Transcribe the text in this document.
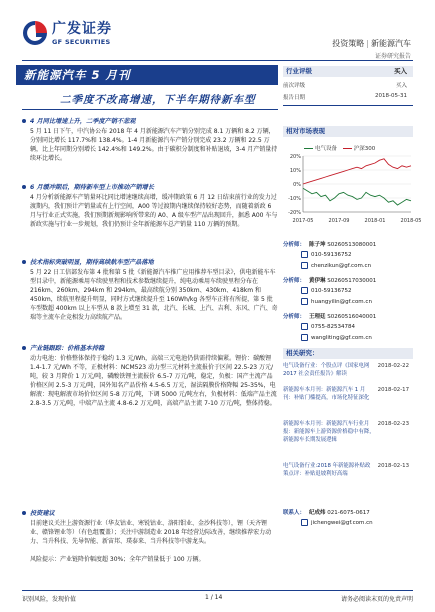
广发证券
GF SECURITIES	投资策略 | 新能源汽车
证券研究报告
新能源汽车 5 月刊
二季度不改高增速，下半年期待新车型
4 月同比增速上升，二季度产销不悲观
5 月 11 日下午，中汽协公布 2018 年 4 月新能源汽车产销分别完成 8.1 万辆和 8.2 万辆，分别同比增长 117.7%和 138.4%。1-4 月新能源汽车产销分别完成 23.2 万辆和 22.5 万辆，比上年同期分别增长 142.4%和 149.2%。由于碳积分制度和补贴退坡，3-4 月产销量持续环比增长。
6 月缓冲期后，期待新车型上市推动产销增长
4 月分析新能源车产销量环比同比增速继续高增，缓冲期政策 6 月 12 日结束前行业的发力过渡期内，我们预计产销量或有上行空间，A00 等过渡期内继续保持较好态势，而随着新政 6 月与行业正式实施，我们预期新规影响所带来的 A0、A 级车型产品出现回升，据悉 A00 车与新政实施与行业一步规划，我们仍预计全年新能源车总产销量 110 万辆的预期。
技术指标突破明显，期待高续航车型产品落地
5 月 22 日工信部发布第 4 批和第 5 批《新能源汽车推广应用推荐车型目录》，供电新能车车型目录中，新能源乘用车续驶里程和技术参数继续提升，纯电动乘用车续驶里程分布在 216km、260km、294km 和 294km，最高续航分别 350km、430km、418km 和 450km，续航里程提升明显，同时方式继续提升至 160Wh/kg 各型车正将有所提，第 5 批车型数超 400km 以上车型从 8 款上增至 31 款，北汽、长城、上汽、吉利、东风、广汽、奇瑞等主流车企竞相发力高续航产品。
产业链跟踪：价格基本持稳
动力电池：价格整体保持于稳约 1.3 元/Wh，高端三元电池仍供需持续偏紧。锂价：碳酸锂 1.4-1.7 元/Wh 不等，正极材料：NCM523 动力型三元材料主流报价于区间 22.5-23 万元/吨，较 3 月降价 1 万元/吨，磷酸铁锂主流报价 6.5-7 万元/吨，稳定，负极：国产主流产品价格区间 2.5-3 万元/吨，国外知名产品价格 4.5-6.5 万元，湿法隔膜价格降幅 25-35%，电解液：现电解液市场价位区间 5-8 万元/吨，下调 5000 元/吨左右，负极材料：低端产品主流 2.8-3.5 万元/吨，中端产品主流 4.8-6.2 万元/吨，高端产品主流 7-10 万元/吨，整体持稳。
投资建议
目前建议关注上游资源行业（华友钴业、寒锐钴业、洛阳钼业、金沙科技等），锂（天齐锂业、赣锋锂业等）（有色组覆盖）；关注中游制造业 2018 年经营边际改善，继续推荐宏力动力、当升科技、先导智能、新宙邦、璞泰来、当升科技等中游龙头。
风险提示：产业链降价幅度超 30%；全年产销量低于 100 万辆。
行业评级	买入
前次评级	买入
报告日期	2018-05-31
相对市场表现
电气设备	沪深300
-20%
-10%
0%
10%
20%
2017-05	2017-09	2018-01	2018-05
分析师： 陈子坤 S0260513080001
010-59136752
chenzikun@gf.com.cn
分析师： 黄伊琳 S0260517030001
010-59136752
huangyilin@gf.com.cn
分析师： 王理廷 S0260516040001
0755-82534784
wangliting@gf.com.cn
相关研究：
电气设备行业：个股点评《国家电网 2017 社会责任报告》解读
2018-02-22
新能源车本月刊：新能源汽车 1 月刊：补贴门槛提高，市场化特征深化
2018-02-17
新能源车本月刊：新能源汽车行业月报：新能源车上游资源价格稳中有降，新能源车长期发展逻辑
2018-02-23
电气设备行业:2018 年新能源补贴政策点评：补贴退坡利好高端
2018-02-13
联系人： 纪成炜 021-6075-0617
jichengwei@gf.com.cn
识别风险，发现价值	1 / 14	请务必阅读末页的免责声明
